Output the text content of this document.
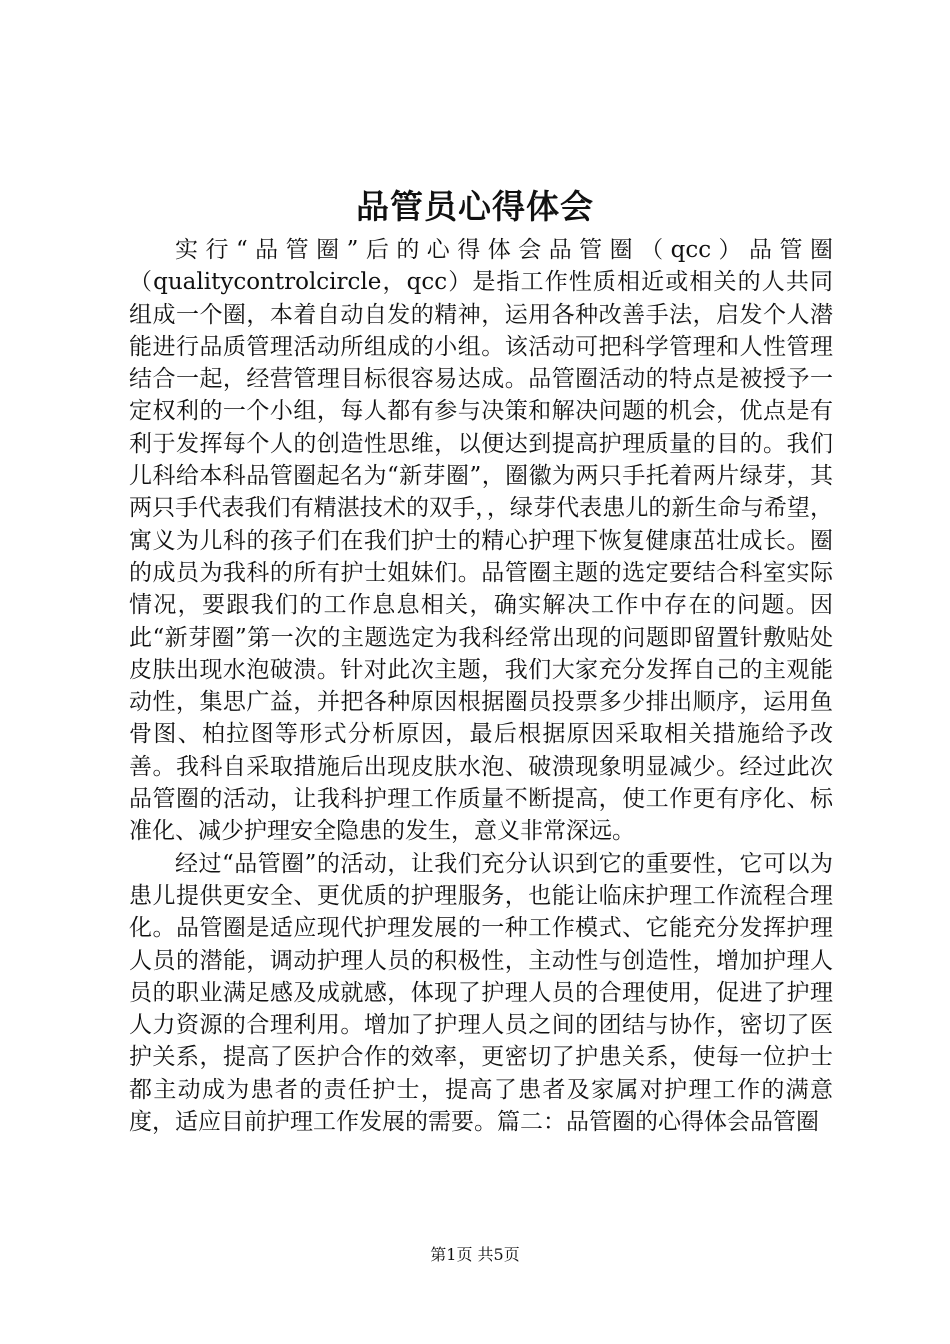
品管员心得体会

实行“品管圈”后的心得体会品管圈（qcc）品管圈（qualitycontrolcircle，qcc）是指工作性质相近或相关的人共同组成一个圈，本着自动自发的精神，运用各种改善手法，启发个人潜能进行品质管理活动所组成的小组。该活动可把科学管理和人性管理结合一起，经营管理目标很容易达成。品管圈活动的特点是被授予一定权利的一个小组，每人都有参与决策和解决问题的机会，优点是有利于发挥每个人的创造性思维，以便达到提高护理质量的目的。我们儿科给本科品管圈起名为“新芽圈”，圈徽为两只手托着两片绿芽，其两只手代表我们有精湛技术的双手，，绿芽代表患儿的新生命与希望，寓义为儿科的孩子们在我们护士的精心护理下恢复健康茁壮成长。圈的成员为我科的所有护士姐妹们。品管圈主题的选定要结合科室实际情况，要跟我们的工作息息相关，确实解决工作中存在的问题。因此“新芽圈”第一次的主题选定为我科经常出现的问题即留置针敷贴处皮肤出现水泡破溃。针对此次主题，我们大家充分发挥自己的主观能动性，集思广益，并把各种原因根据圈员投票多少排出顺序，运用鱼骨图、柏拉图等形式分析原因，最后根据原因采取相关措施给予改善。我科自采取措施后出现皮肤水泡、破溃现象明显减少。经过此次品管圈的活动，让我科护理工作质量不断提高，使工作更有序化、标准化、减少护理安全隐患的发生，意义非常深远。

经过“品管圈”的活动，让我们充分认识到它的重要性，它可以为患儿提供更安全、更优质的护理服务，也能让临床护理工作流程合理化。品管圈是适应现代护理发展的一种工作模式、它能充分发挥护理人员的潜能，调动护理人员的积极性，主动性与创造性，增加护理人员的职业满足感及成就感，体现了护理人员的合理使用，促进了护理人力资源的合理利用。增加了护理人员之间的团结与协作，密切了医护关系，提高了医护合作的效率，更密切了护患关系，使每一位护士都主动成为患者的责任护士，提高了患者及家属对护理工作的满意度，适应目前护理工作发展的需要。篇二：品管圈的心得体会品管圈

第1页 共5页
